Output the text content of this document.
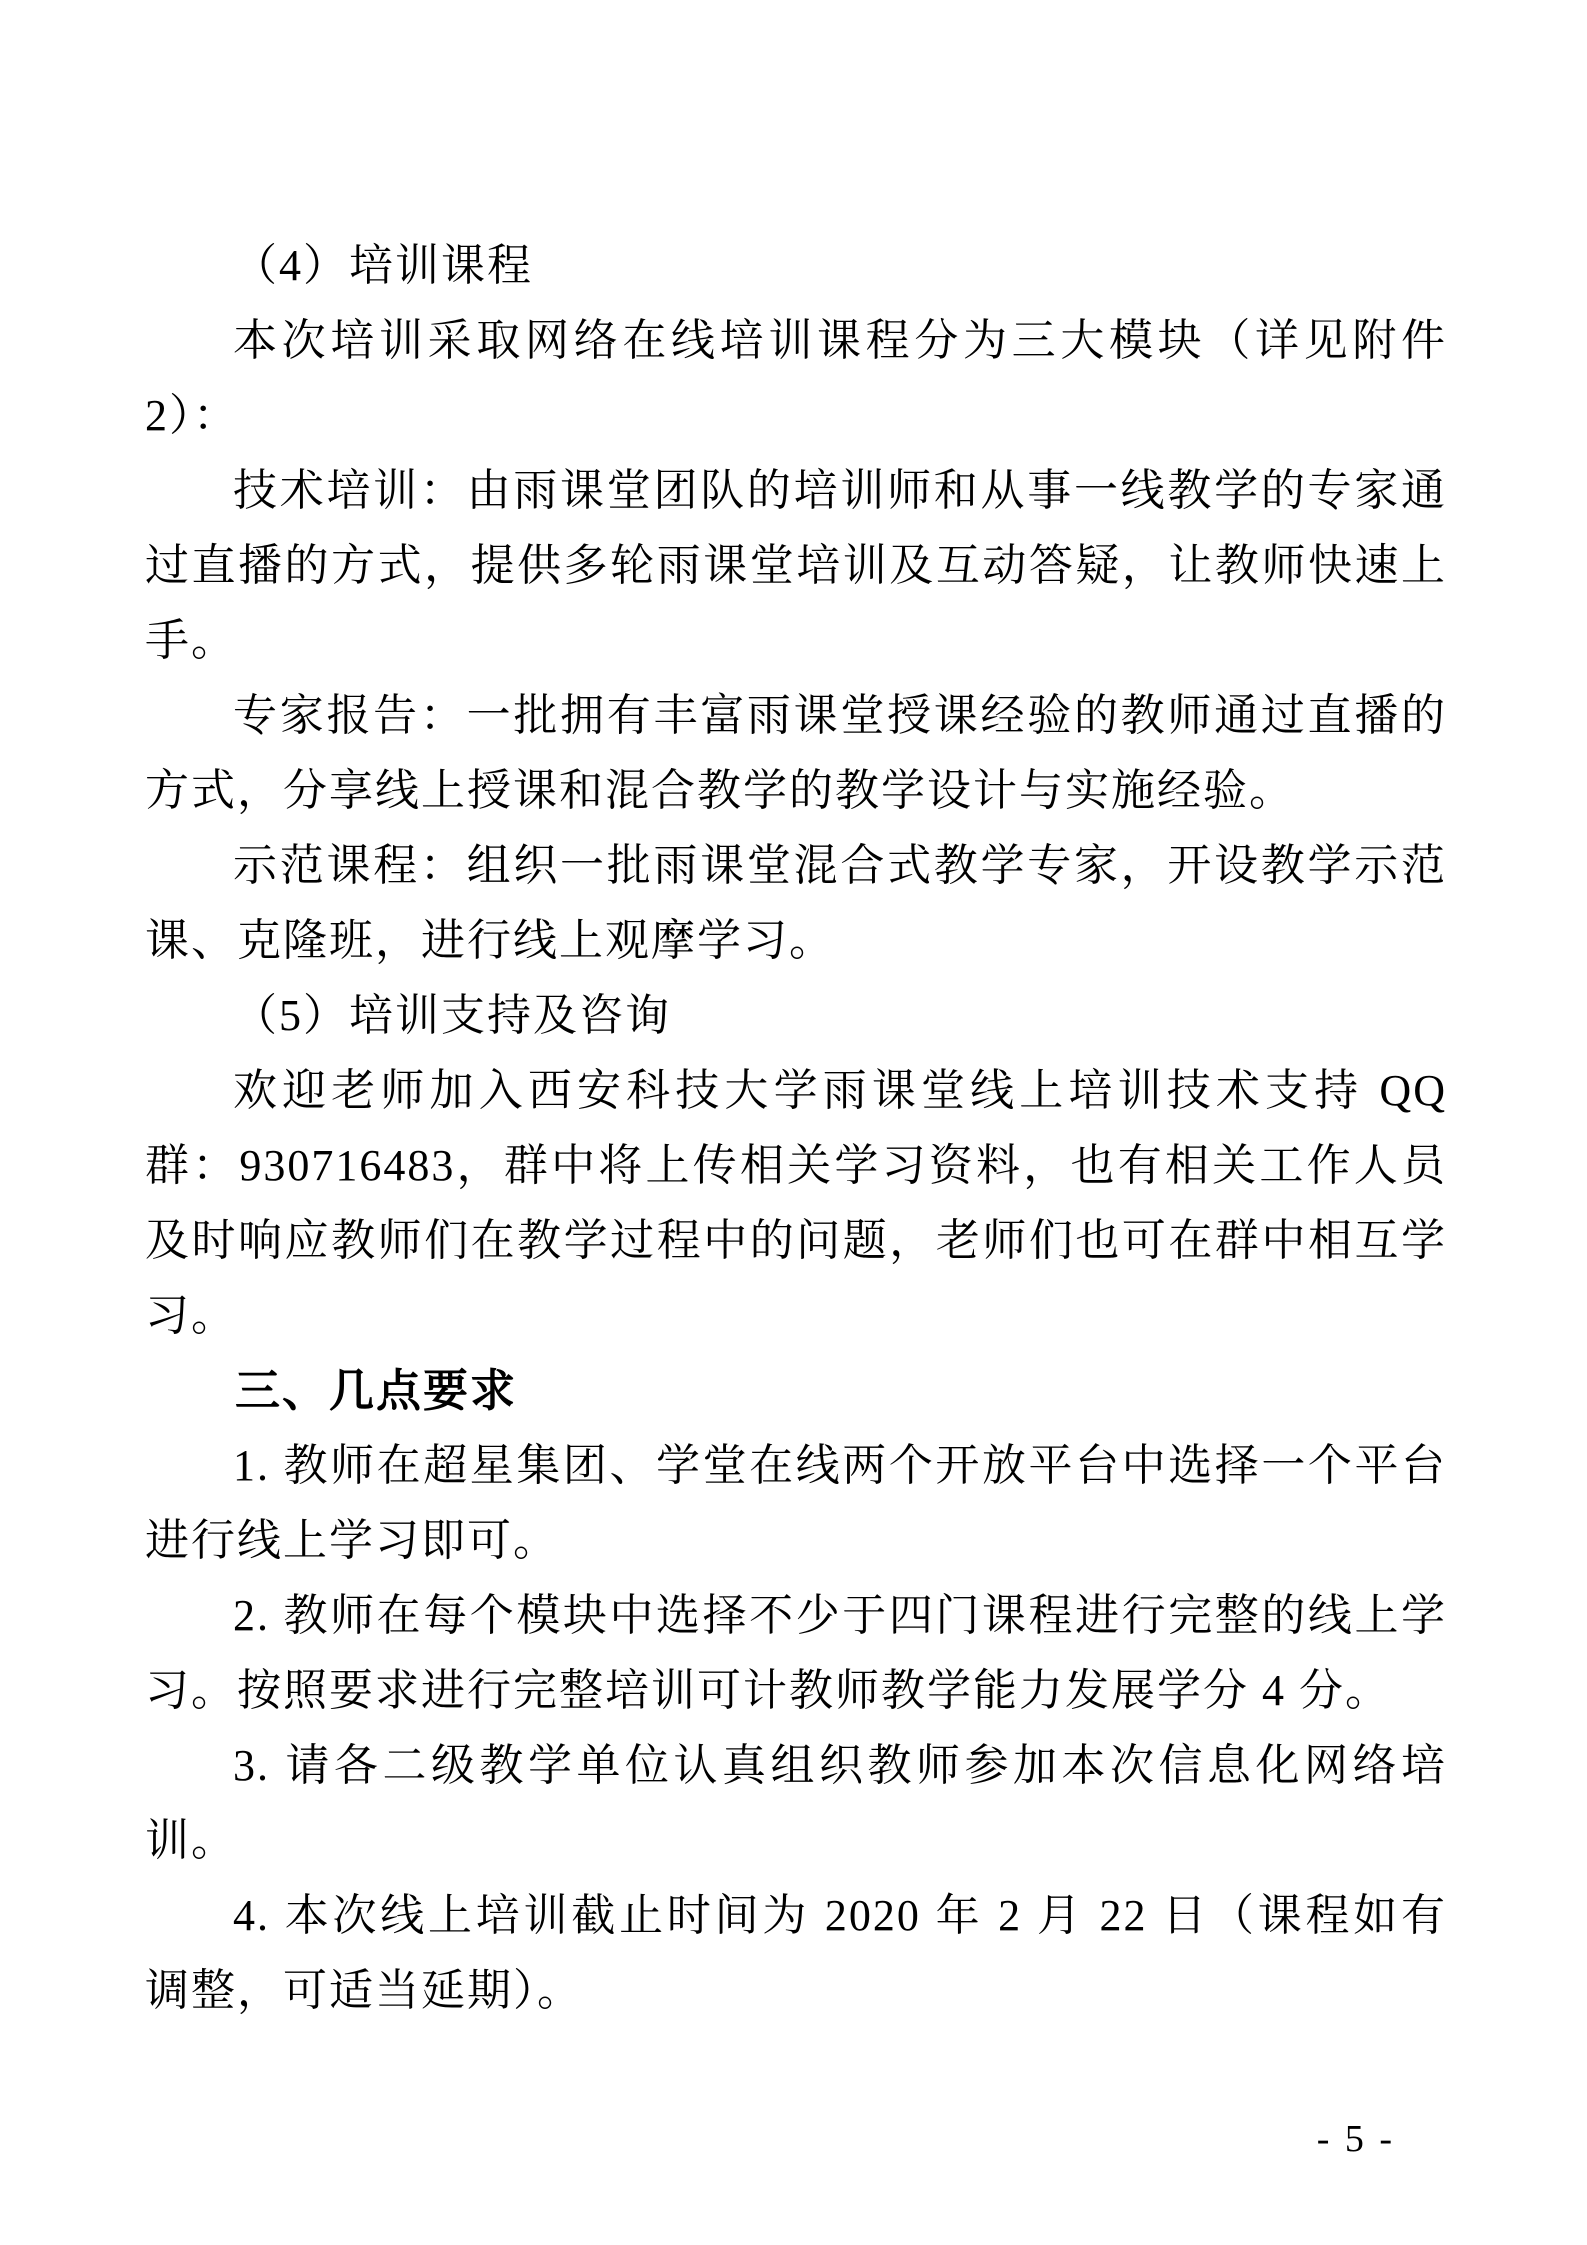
（4）培训课程

本次培训采取网络在线培训课程分为三大模块（详见附件2）：

技术培训：由雨课堂团队的培训师和从事一线教学的专家通过直播的方式，提供多轮雨课堂培训及互动答疑，让教师快速上手。

专家报告：一批拥有丰富雨课堂授课经验的教师通过直播的方式，分享线上授课和混合教学的教学设计与实施经验。

示范课程：组织一批雨课堂混合式教学专家，开设教学示范课、克隆班，进行线上观摩学习。

（5）培训支持及咨询

欢迎老师加入西安科技大学雨课堂线上培训技术支持 QQ 群：930716483，群中将上传相关学习资料，也有相关工作人员及时响应教师们在教学过程中的问题，老师们也可在群中相互学习。

三、几点要求

1. 教师在超星集团、学堂在线两个开放平台中选择一个平台进行线上学习即可。

2. 教师在每个模块中选择不少于四门课程进行完整的线上学习。按照要求进行完整培训可计教师教学能力发展学分 4 分。

3. 请各二级教学单位认真组织教师参加本次信息化网络培训。

4. 本次线上培训截止时间为 2020 年 2 月 22 日（课程如有调整，可适当延期）。

- 5 -
